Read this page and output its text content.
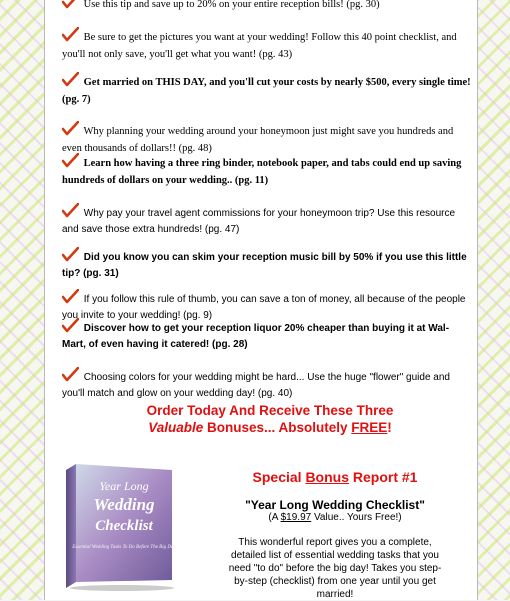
Use this tip and save up to 20% on your entire reception bills! (pg. 30)
Be sure to get the pictures you want at your wedding! Follow this 40 point checklist, and you'll not only save, you'll get what you want! (pg. 43)
Get married on THIS DAY, and you'll cut your costs by nearly $500, every single time! (pg. 7)
Why planning your wedding around your honeymoon just might save you hundreds and even thousands of dollars!! (pg. 48)
Learn how having a three ring binder, notebook paper, and tabs could end up saving hundreds of dollars on your wedding.. (pg. 11)
Why pay your travel agent commissions for your honeymoon trip? Use this resource and save those extra hundreds! (pg. 47)
Did you know you can skim your reception music bill by 50% if you use this little tip? (pg. 31)
If you follow this rule of thumb, you can save a ton of money, all because of the people you invite to your wedding! (pg. 9)
Discover how to get your reception liquor 20% cheaper than buying it at Wal-Mart, of even having it catered! (pg. 28)
Choosing colors for your wedding might be hard... Use the huge "flower" guide and you'll match and glow on your wedding day! (pg. 40)
Order Today And Receive These Three
Valuable Bonuses... Absolutely FREE!
Year Long
Wedding
Checklist
Essential Wedding Tasks To Do Before The Big Day
Special Bonus Report #1
"Year Long Wedding Checklist"
(A $19.97 Value.. Yours Free!)
This wonderful report gives you a complete, detailed list of essential wedding tasks that you need "to do" before the big day! Takes you step-by-step (checklist) from one year until you get married!
